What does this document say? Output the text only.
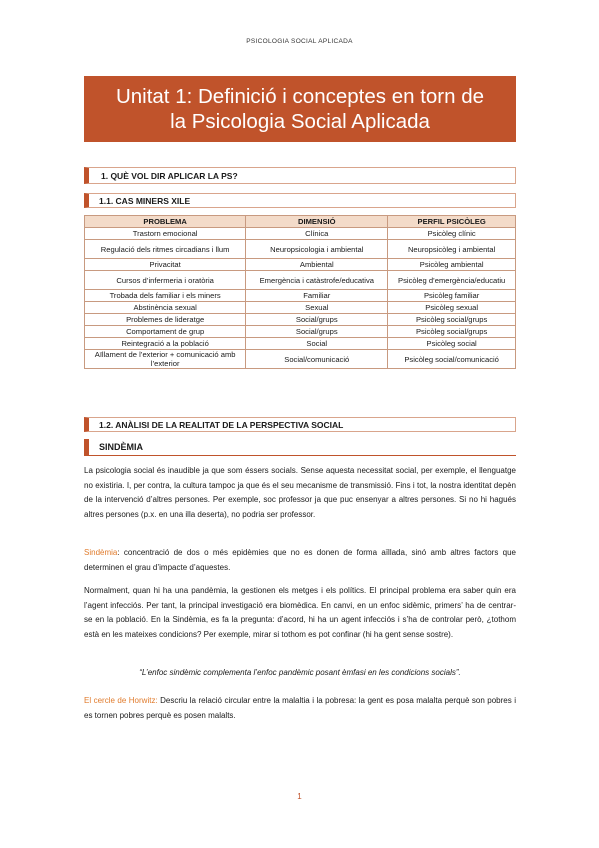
PSICOLOGIA SOCIAL APLICADA
Unitat 1: Definició i conceptes en torn de
la Psicologia Social Aplicada
1. QUÈ VOL DIR APLICAR LA PS?
1.1. CAS MINERS XILE
PROBLEMA	DIMENSIÓ	PERFIL PSICÒLEG
Trastorn emocional	Clínica	Psicòleg clínic
Regulació dels ritmes circadians i llum	Neuropsicologia i ambiental	Neuropsicòleg i ambiental
Privacitat	Ambiental	Psicòleg ambiental
Cursos d’infermeria i oratòria	Emergència i catàstrofe/educativa	Psicòleg d’emergència/educatiu
Trobada dels familiar i els miners	Familiar	Psicòleg familiar
Abstinència sexual	Sexual	Psicòleg sexual
Problemes de lideratge	Social/grups	Psicòleg social/grups
Comportament de grup	Social/grups	Psicòleg social/grups
Reintegració a la població	Social	Psicòleg social
Aïllament de l’exterior + comunicació amb l’exterior	Social/comunicació	Psicòleg social/comunicació
1.2. ANÀLISI DE LA REALITAT DE LA PERSPECTIVA SOCIAL
SINDÈMIA
La psicologia social és inaudible ja que som éssers socials. Sense aquesta necessitat social, per exemple, el llenguatge no existiria. I, per contra, la cultura tampoc ja que és el seu mecanisme de transmissió. Fins i tot, la nostra identitat depèn de la intervenció d’altres persones. Per exemple, soc professor ja que puc ensenyar a altres persones. Si no hi hagués altres persones (p.x. en una illa deserta), no podria ser professor.
Sindèmia: concentració de dos o més epidèmies que no es donen de forma aïllada, sinó amb altres factors que determinen el grau d’impacte d’aquestes.
Normalment, quan hi ha una pandèmia, la gestionen els metges i els polítics. El principal problema era saber quin era l’agent infecciós. Per tant, la principal investigació era biomèdica. En canvi, en un enfoc sidèmic, primers’ ha de centrar-se en la població. En la Sindèmia, es fa la pregunta: d’acord, hi ha un agent infecciós i s’ha de controlar però, ¿tothom està en les mateixes condicions? Per exemple, mirar si tothom es pot confinar (hi ha gent sense sostre).
“L’enfoc sindèmic complementa l’enfoc pandèmic posant èmfasi en les condicions socials”.
El cercle de Horwitz: Descriu la relació circular entre la malaltia i la pobresa: la gent es posa malalta perquè son pobres i es tornen pobres perquè es posen malalts.
1
